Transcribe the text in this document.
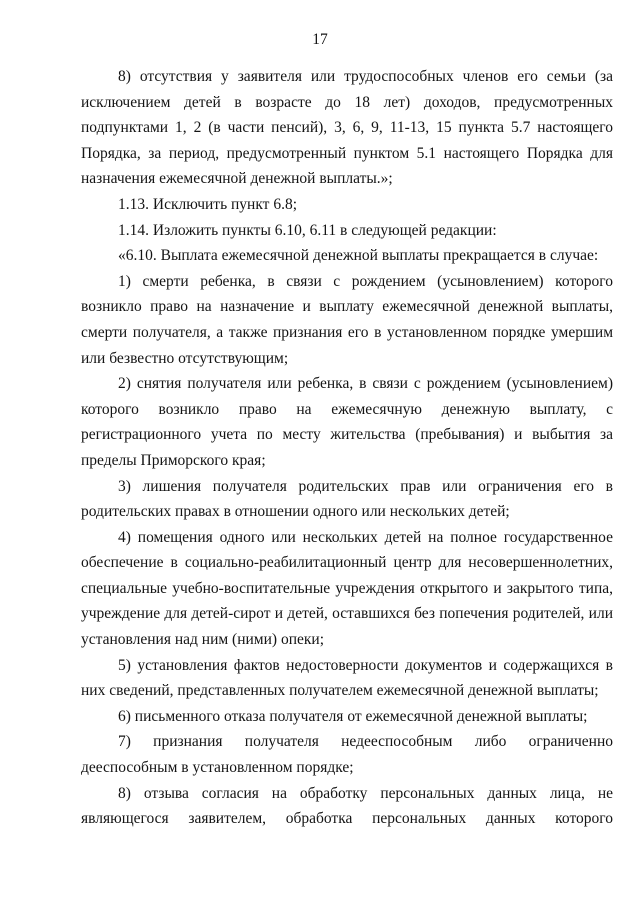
17

8) отсутствия у заявителя или трудоспособных членов его семьи (за исключением детей в возрасте до 18 лет) доходов, предусмотренных подпунктами 1, 2 (в части пенсий), 3, 6, 9, 11-13, 15 пункта 5.7 настоящего Порядка, за период, предусмотренный пунктом 5.1 настоящего Порядка для назначения ежемесячной денежной выплаты.»;

1.13. Исключить пункт 6.8;

1.14. Изложить пункты 6.10, 6.11 в следующей редакции:

«6.10. Выплата ежемесячной денежной выплаты прекращается в случае:

1) смерти ребенка, в связи с рождением (усыновлением) которого возникло право на назначение и выплату ежемесячной денежной выплаты, смерти получателя, а также признания его в установленном порядке умершим или безвестно отсутствующим;

2) снятия получателя или ребенка, в связи с рождением (усыновлением) которого возникло право на ежемесячную денежную выплату, с регистрационного учета по месту жительства (пребывания) и выбытия за пределы Приморского края;

3) лишения получателя родительских прав или ограничения его в родительских правах в отношении одного или нескольких детей;

4) помещения одного или нескольких детей на полное государственное обеспечение в социально-реабилитационный центр для несовершеннолетних, специальные учебно-воспитательные учреждения открытого и закрытого типа, учреждение для детей-сирот и детей, оставшихся без попечения родителей, или установления над ним (ними) опеки;

5) установления фактов недостоверности документов и содержащихся в них сведений, представленных получателем ежемесячной денежной выплаты;

6) письменного отказа получателя от ежемесячной денежной выплаты;

7) признания получателя недееспособным либо ограниченно дееспособным в установленном порядке;

8) отзыва согласия на обработку персональных данных лица, не являющегося заявителем, обработка персональных данных которого
